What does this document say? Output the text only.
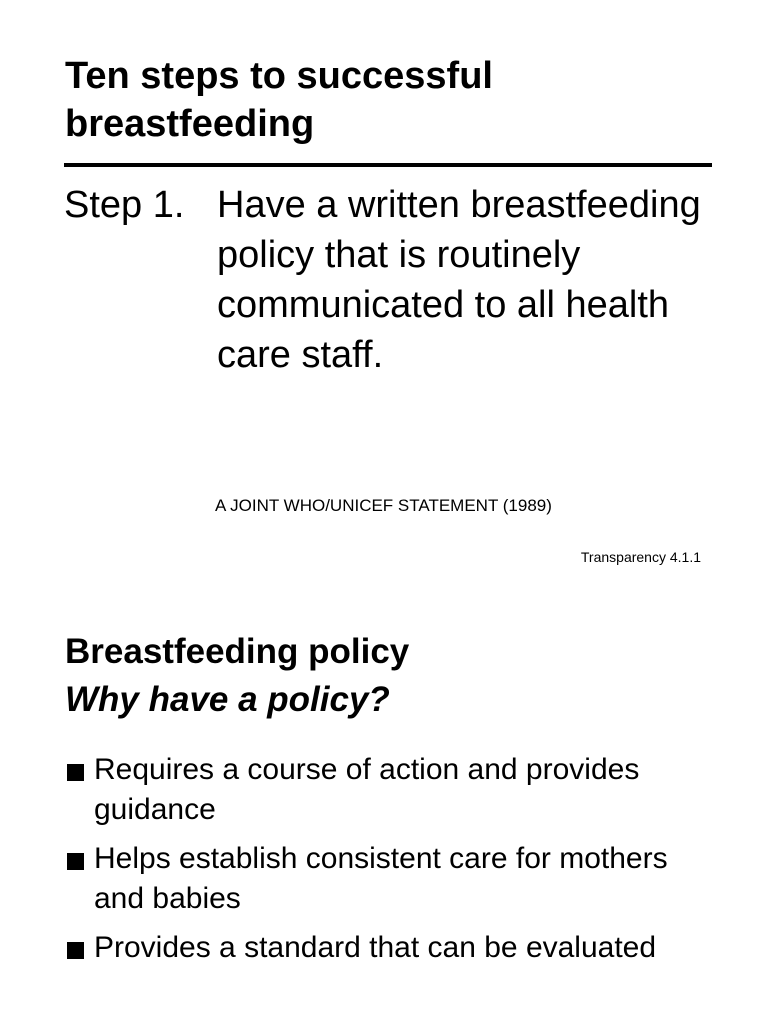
Ten steps to successful breastfeeding
Step 1. Have a written breastfeeding policy that is routinely communicated to all health care staff.
A JOINT WHO/UNICEF STATEMENT (1989)
Transparency 4.1.1
Breastfeeding policy
Why have a policy?
Requires a course of action and provides guidance
Helps establish consistent care for mothers and babies
Provides a standard that can be evaluated
